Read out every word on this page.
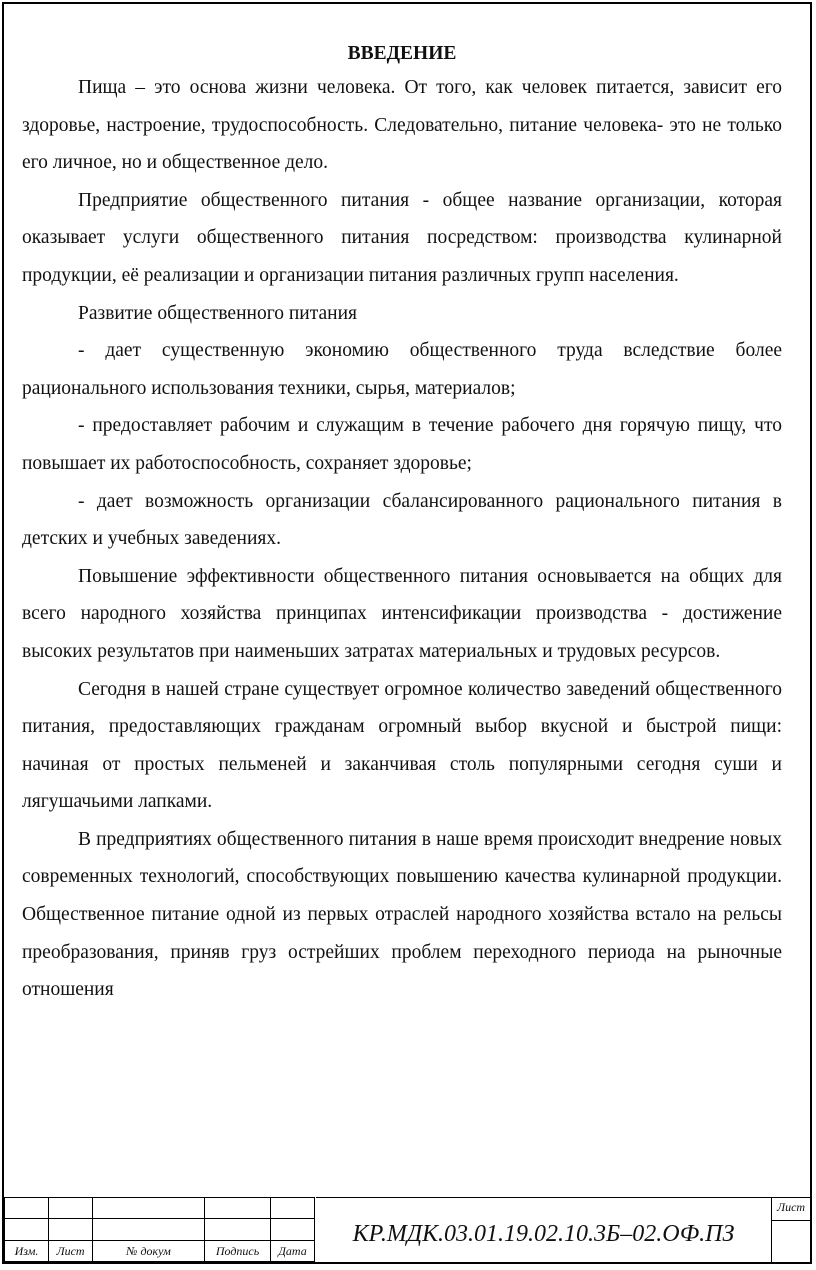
ВВЕДЕНИЕ

Пища – это основа жизни человека. От того, как человек питается, зависит его здоровье, настроение, трудоспособность. Следовательно, питание человека- это не только его личное, но и общественное дело.

Предприятие общественного питания - общее название организации, которая оказывает услуги общественного питания посредством: производства кулинарной продукции, её реализации и организации питания различных групп населения.

Развитие общественного питания

- дает существенную экономию общественного труда вследствие более рационального использования техники, сырья, материалов;

- предоставляет рабочим и служащим в течение рабочего дня горячую пищу, что повышает их работоспособность, сохраняет здоровье;

- дает возможность организации сбалансированного рационального питания в детских и учебных заведениях.

Повышение эффективности общественного питания основывается на общих для всего народного хозяйства принципах интенсификации производства - достижение высоких результатов при наименьших затратах материальных и трудовых ресурсов.

Сегодня в нашей стране существует огромное количество заведений общественного питания, предоставляющих гражданам огромный выбор вкусной и быстрой пищи: начиная от простых пельменей и заканчивая столь популярными сегодня суши и лягушачьими лапками.

В предприятиях общественного питания в наше время происходит внедрение новых современных технологий, способствующих повышению качества кулинарной продукции. Общественное питание одной из первых отраслей народного хозяйства встало на рельсы преобразования, приняв груз острейших проблем переходного периода на рыночные отношения

Изм.	Лист	№ докум	Подпись	Дата
КР.МДК.03.01.19.02.10.3Б–02.ОФ.ПЗ
Лист
